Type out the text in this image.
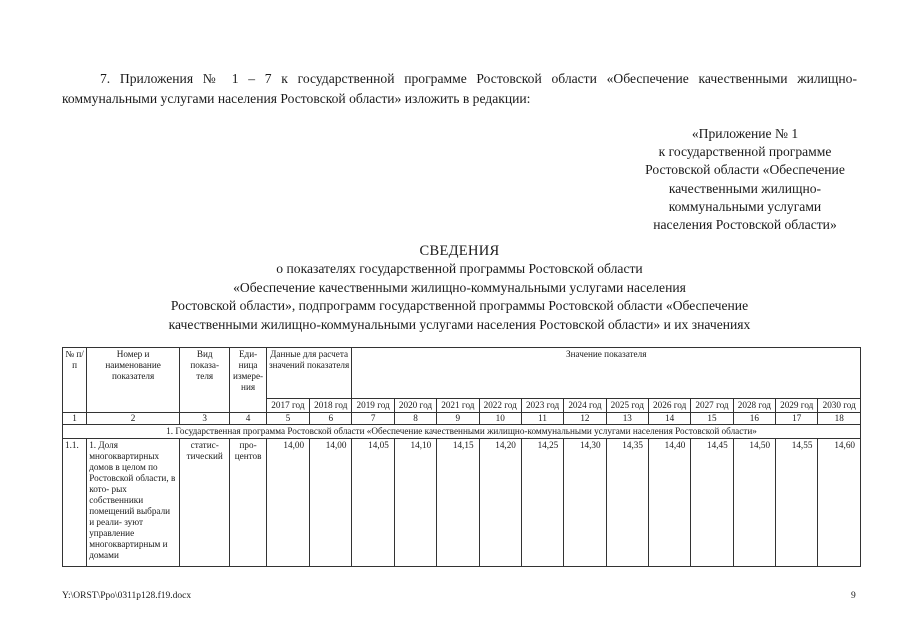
7. Приложения № 1 – 7 к государственной программе Ростовской области «Обеспечение качественными жилищно-
коммунальными услугами населения Ростовской области» изложить в редакции:
«Приложение № 1
к государственной программе
Ростовской области «Обеспечение
качественными жилищно-
коммунальными услугами
населения Ростовской области»
СВЕДЕНИЯ
о показателях государственной программы Ростовской области
«Обеспечение качественными жилищно-коммунальными услугами населения
Ростовской области», подпрограмм государственной программы Ростовской области «Обеспечение
качественными жилищно-коммунальными услугами населения Ростовской области» и их значениях
№ п/п	Номер и наименование показателя	Вид показа- теля	Еди- ница измере- ния	Данные для расчета значений показателя		Значение показателя											
				2017 год	2018 год	2019 год	2020 год	2021 год	2022 год	2023 год	2024 год	2025 год	2026 год	2027 год	2028 год	2029 год	2030 год
1	2	3	4	5	6	7	8	9	10	11	12	13	14	15	16	17	18
1. Государственная программа Ростовской области «Обеспечение качественными жилищно-коммунальными услугами населения Ростовской области»																	
1.1.	1. Доля многоквартирных домов в целом по Ростовской области, в кото- рых собственники помещений выбрали и реали- зуют управление многоквартирным и домами	статис- тический	про- центов	14,00	14,00	14,05	14,10	14,15	14,20	14,25	14,30	14,35	14,40	14,45	14,50	14,55	14,60
Y:\ORST\Ppo\0311p128.f19.docx	9
